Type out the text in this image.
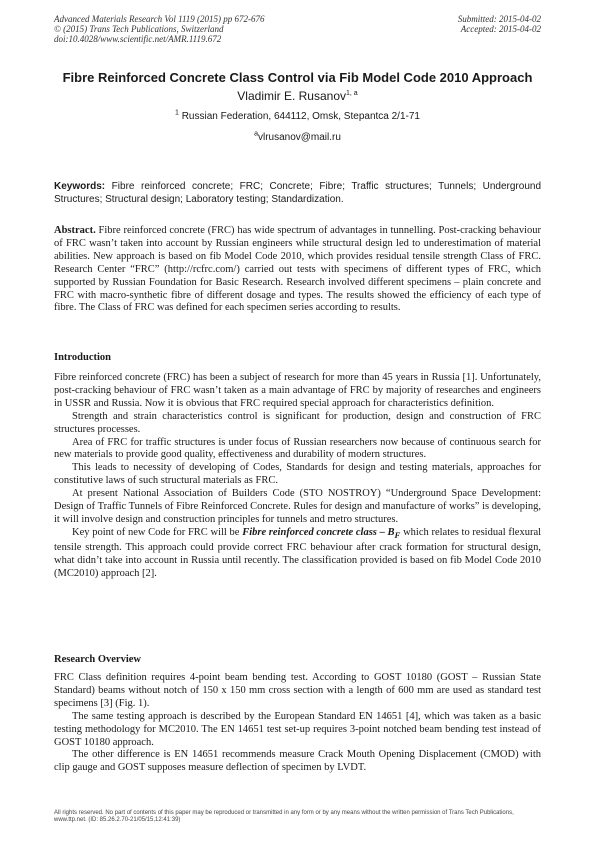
Advanced Materials Research Vol 1119 (2015) pp 672-676
© (2015) Trans Tech Publications, Switzerland
doi:10.4028/www.scientific.net/AMR.1119.672
Submitted: 2015-04-02
Accepted: 2015-04-02
Fibre Reinforced Concrete Class Control via Fib Model Code 2010 Approach
Vladimir E. Rusanov$^{1, a}$
$^1$ Russian Federation, 644112, Omsk, Stepantca 2/1-71
$^a$vlrusanov@mail.ru
Keywords: Fibre reinforced concrete; FRC; Concrete; Fibre; Traffic structures; Tunnels; Underground Structures; Structural design; Laboratory testing; Standardization.

Abstract. Fibre reinforced concrete (FRC) has wide spectrum of advantages in tunnelling. Post-cracking behaviour of FRC wasn’t taken into account by Russian engineers while structural design led to underestimation of material abilities. New approach is based on fib Model Code 2010, which provides residual tensile strength Class of FRC. Research Center “FRC” (http://rcfrc.com/) carried out tests with specimens of different types of FRC, which supported by Russian Foundation for Basic Research. Research involved different specimens – plain concrete and FRC with macro-synthetic fibre of different dosage and types. The results showed the efficiency of each type of fibre. The Class of FRC was defined for each specimen series according to results.

Introduction

Fibre reinforced concrete (FRC) has been a subject of research for more than 45 years in Russia [1]. Unfortunately, post-cracking behaviour of FRC wasn’t taken as a main advantage of FRC by majority of researches and engineers in USSR and Russia. Now it is obvious that FRC required special approach for characteristics definition.

Strength and strain characteristics control is significant for production, design and construction of FRC structures processes.

Area of FRC for traffic structures is under focus of Russian researchers now because of continuous search for new materials to provide good quality, effectiveness and durability of modern structures.

This leads to necessity of developing of Codes, Standards for design and testing materials, approaches for constitutive laws of such structural materials as FRC.

At present National Association of Builders Code (STO NOSTROY) “Underground Space Development: Design of Traffic Tunnels of Fibre Reinforced Concrete. Rules for design and manufacture of works” is developing, it will involve design and construction principles for tunnels and metro structures.

Key point of new Code for FRC will be Fibre reinforced concrete class – $B_F$ which relates to residual flexural tensile strength. This approach could provide correct FRC behaviour after crack formation for structural design, what didn’t take into account in Russia until recently. The classification provided is based on fib Model Code 2010 (MC2010) approach [2].

Research Overview

FRC Class definition requires 4-point beam bending test. According to GOST 10180 (GOST – Russian State Standard) beams without notch of 150 x 150 mm cross section with a length of 600 mm are used as standard test specimens [3] (Fig. 1).

The same testing approach is described by the European Standard EN 14651 [4], which was taken as a basic testing methodology for MC2010. The EN 14651 test set-up requires 3-point notched beam bending test instead of GOST 10180 approach.

The other difference is EN 14651 recommends measure Crack Mouth Opening Displacement (CMOD) with clip gauge and GOST supposes measure deflection of specimen by LVDT.

All rights reserved. No part of contents of this paper may be reproduced or transmitted in any form or by any means without the written permission of Trans Tech Publications, www.ttp.net. (ID: 85.26.2.70-21/05/15,12:41:39)
